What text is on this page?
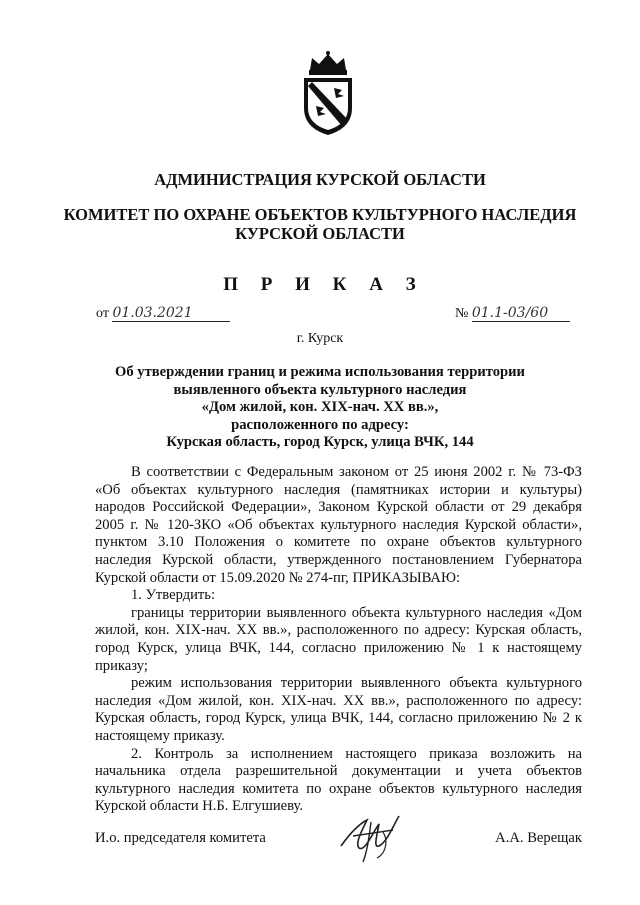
АДМИНИСТРАЦИЯ КУРСКОЙ ОБЛАСТИ
КОМИТЕТ ПО ОХРАНЕ ОБЪЕКТОВ КУЛЬТУРНОГО НАСЛЕДИЯ
КУРСКОЙ ОБЛАСТИ
П Р И К А З
от 01.03.2021	№ 01.1-03/60
г. Курск
Об утверждении границ и режима использования территории
выявленного объекта культурного наследия
«Дом жилой, кон. XIX-нач. XX вв.»,
расположенного по адресу:
Курская область, город Курск, улица ВЧК, 144

В соответствии с Федеральным законом от 25 июня 2002 г. № 73-ФЗ «Об объектах культурного наследия (памятниках истории и культуры) народов Российской Федерации», Законом Курской области от 29 декабря 2005 г. № 120-ЗКО «Об объектах культурного наследия Курской области», пунктом 3.10 Положения о комитете по охране объектов культурного наследия Курской области, утвержденного постановлением Губернатора Курской области от 15.09.2020 № 274-пг, ПРИКАЗЫВАЮ:

1. Утвердить:

границы территории выявленного объекта культурного наследия «Дом жилой, кон. XIX-нач. XX вв.», расположенного по адресу: Курская область, город Курск, улица ВЧК, 144, согласно приложению № 1 к настоящему приказу;

режим использования территории выявленного объекта культурного наследия «Дом жилой, кон. XIX-нач. XX вв.», расположенного по адресу: Курская область, город Курск, улица ВЧК, 144, согласно приложению № 2 к настоящему приказу.

2. Контроль за исполнением настоящего приказа возложить на начальника отдела разрешительной документации и учета объектов культурного наследия комитета по охране объектов культурного наследия Курской области Н.Б. Елгушиеву.

И.о. председателя комитета	А.А. Верещак
